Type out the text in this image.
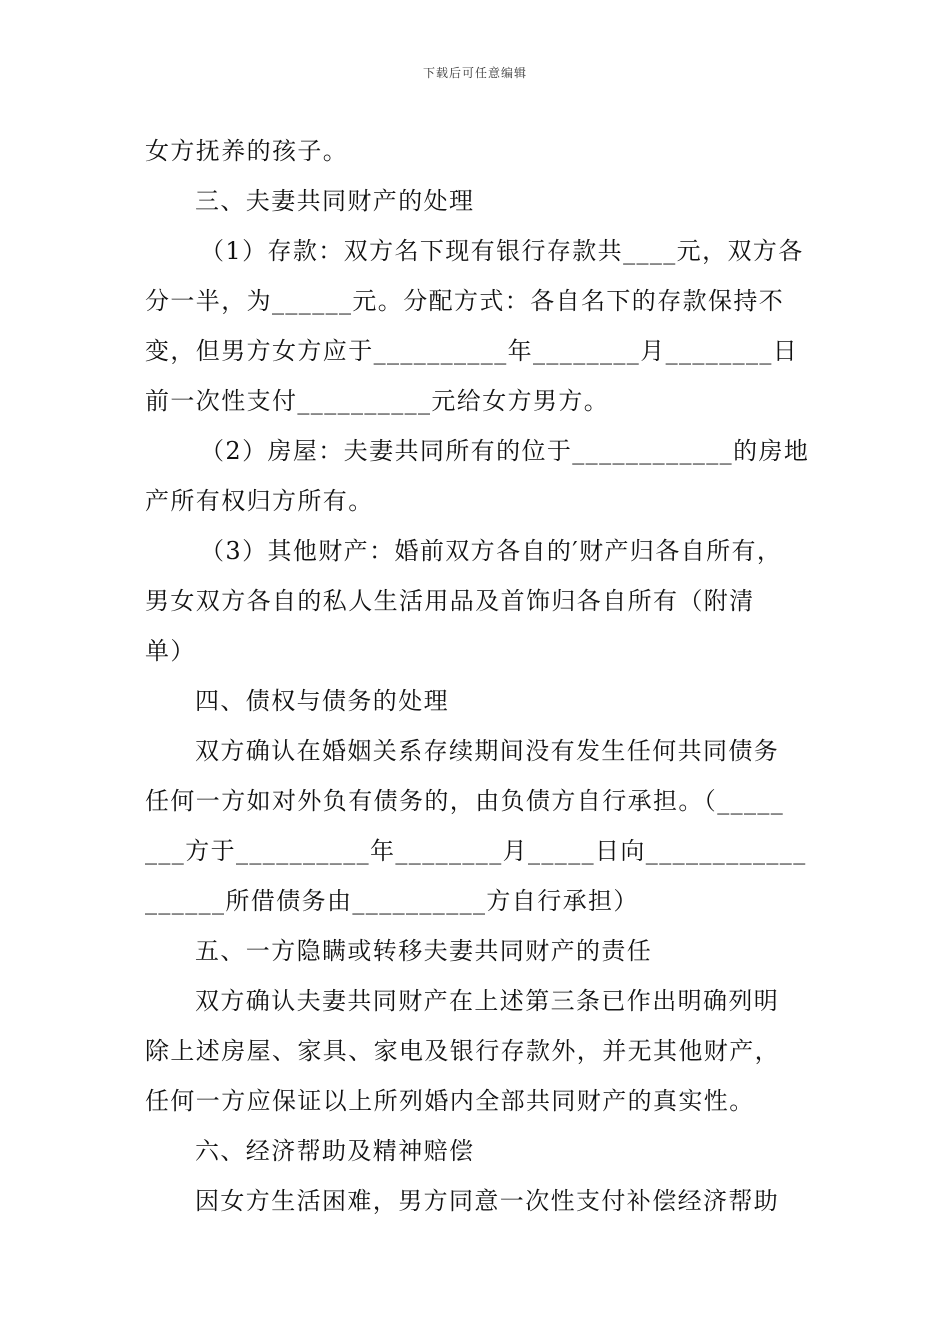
下载后可任意编辑
女方抚养的孩子。
三、夫妻共同财产的处理
（1）存款：双方名下现有银行存款共____元，双方各
分一半，为______元。分配方式：各自名下的存款保持不
变，但男方女方应于__________年________月________日
前一次性支付__________元给女方男方。
（2）房屋：夫妻共同所有的位于____________的房地
产所有权归方所有。
（3）其他财产：婚前双方各自的′财产归各自所有，
男女双方各自的私人生活用品及首饰归各自所有（附清
单）
四、债权与债务的处理
双方确认在婚姻关系存续期间没有发生任何共同债务
任何一方如对外负有债务的，由负债方自行承担。（_____
___方于__________年________月_____日向____________
______所借债务由__________方自行承担）
五、一方隐瞒或转移夫妻共同财产的责任
双方确认夫妻共同财产在上述第三条已作出明确列明
除上述房屋、家具、家电及银行存款外，并无其他财产，
任何一方应保证以上所列婚内全部共同财产的真实性。
六、经济帮助及精神赔偿
因女方生活困难，男方同意一次性支付补偿经济帮助
